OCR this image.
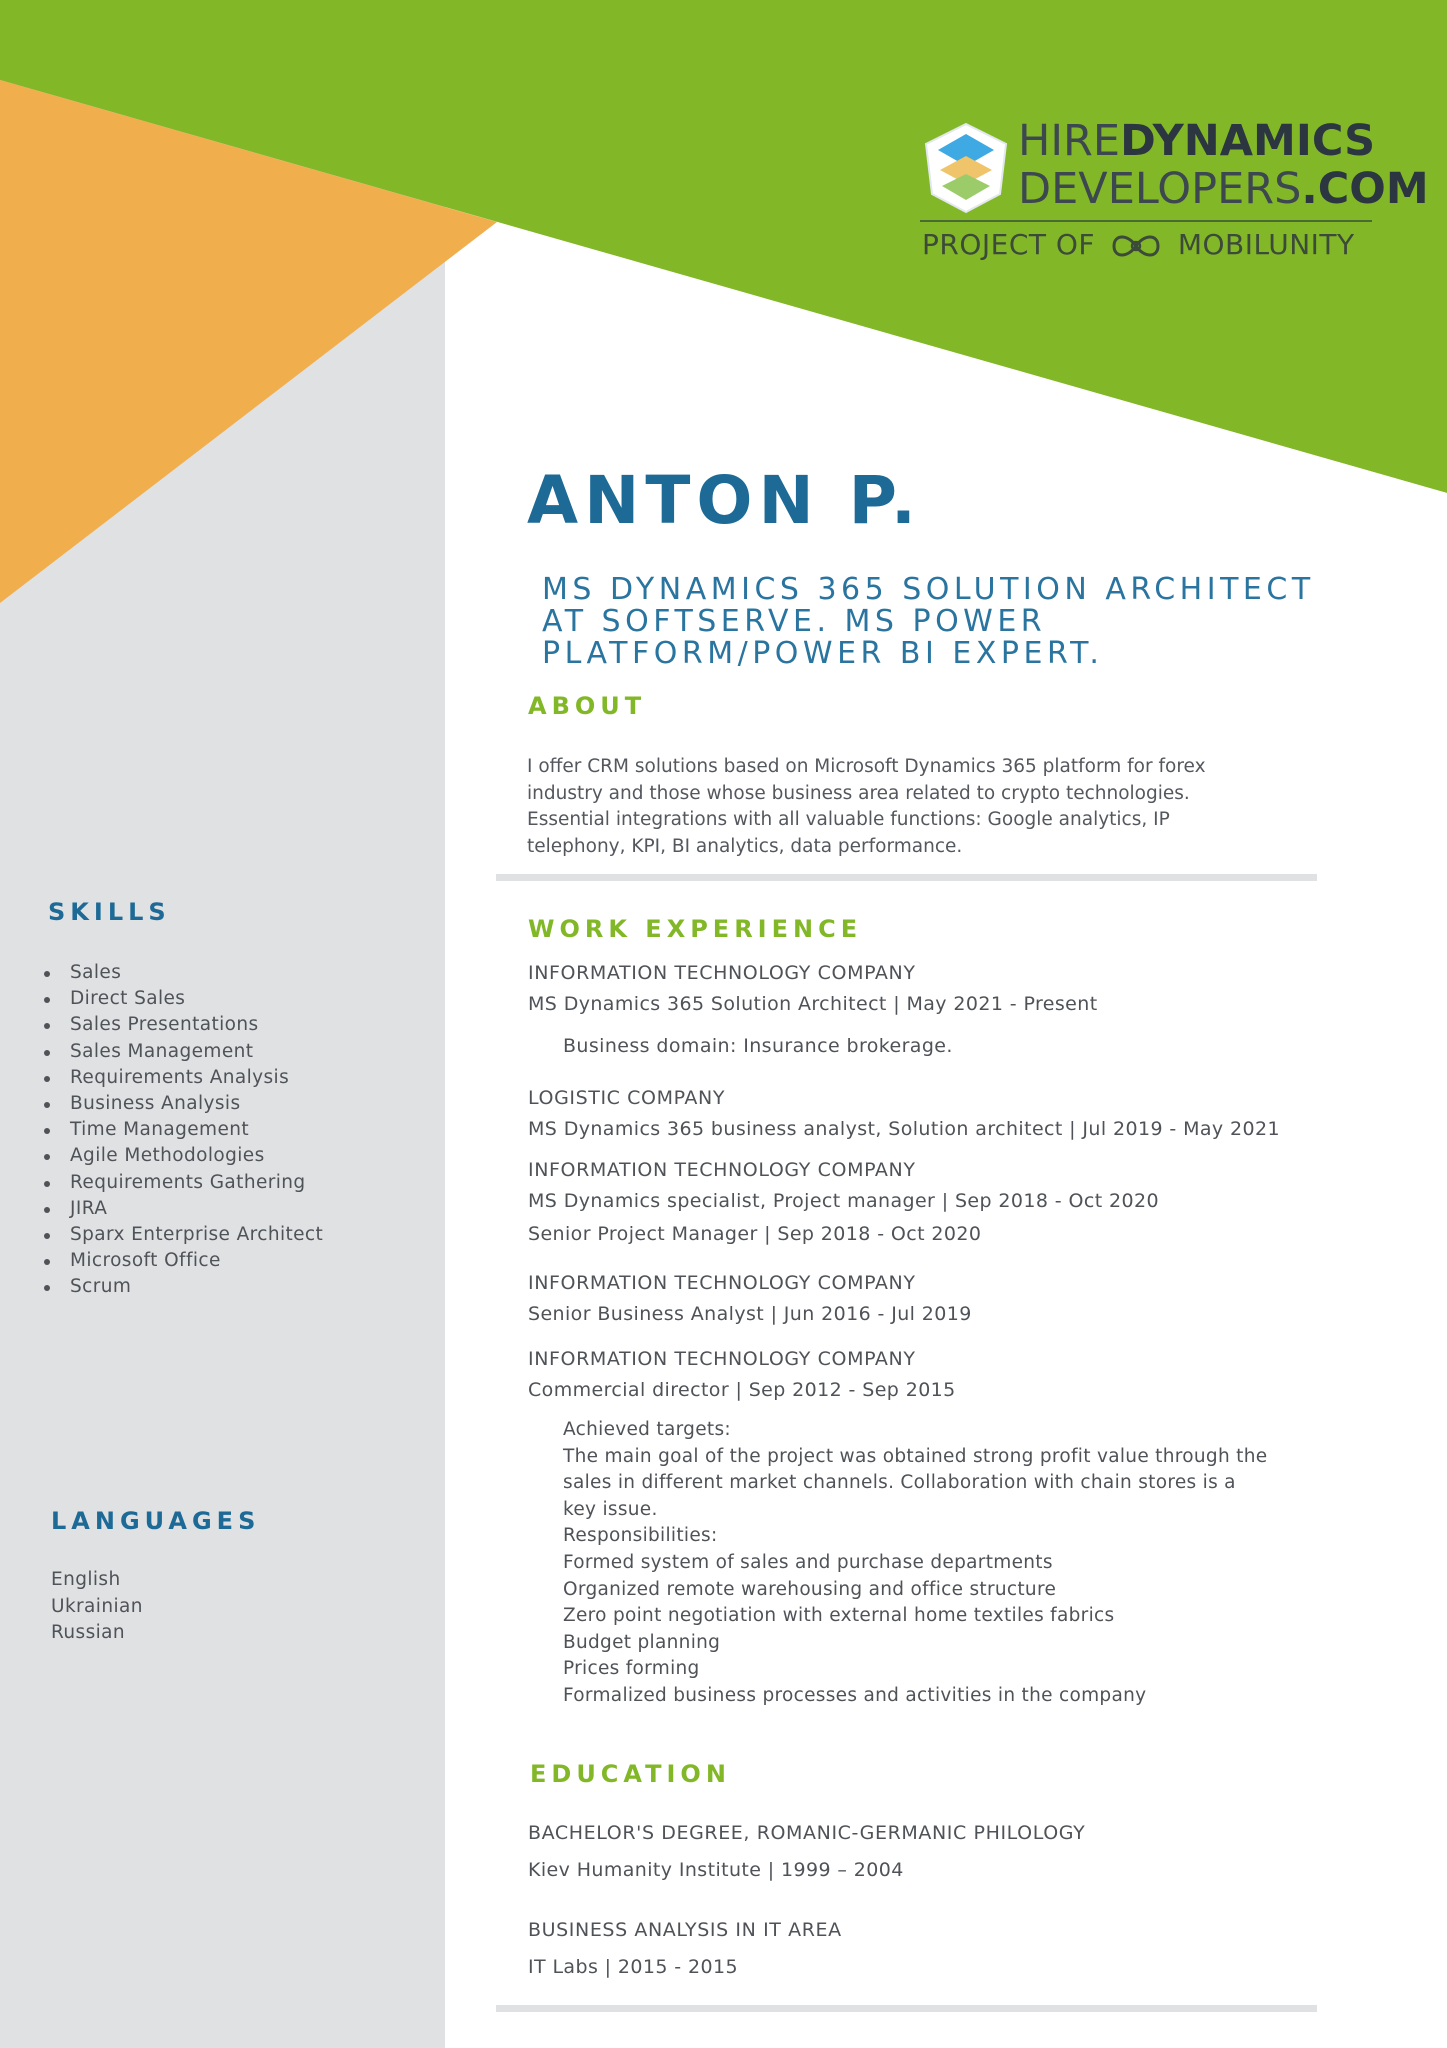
HIREDYNAMICS
DEVELOPERS.COM
PROJECT OF	MOBILUNITY
ANTON P.
MS DYNAMICS 365 SOLUTION ARCHITECT
AT SOFTSERVE. MS POWER
PLATFORM/POWER BI EXPERT.
ABOUT
I offer CRM solutions based on Microsoft Dynamics 365 platform for forex
industry and those whose business area related to crypto technologies.
Essential integrations with all valuable functions: Google analytics, IP
telephony, KPI, BI analytics, data performance.
WORK EXPERIENCE
INFORMATION TECHNOLOGY COMPANY
MS Dynamics 365 Solution Architect | May 2021 - Present
Business domain: Insurance brokerage.
LOGISTIC COMPANY
MS Dynamics 365 business analyst, Solution architect | Jul 2019 - May 2021
INFORMATION TECHNOLOGY COMPANY
MS Dynamics specialist, Project manager | Sep 2018 - Oct 2020
Senior Project Manager | Sep 2018 - Oct 2020
INFORMATION TECHNOLOGY COMPANY
Senior Business Analyst | Jun 2016 - Jul 2019
INFORMATION TECHNOLOGY COMPANY
Commercial director | Sep 2012 - Sep 2015
Achieved targets:
The main goal of the project was obtained strong profit value through the
sales in different market channels. Collaboration with chain stores is a
key issue.
Responsibilities:
Formed system of sales and purchase departments
Organized remote warehousing and office structure
Zero point negotiation with external home textiles fabrics
Budget planning
Prices forming
Formalized business processes and activities in the company
EDUCATION
BACHELOR'S DEGREE, ROMANIC-GERMANIC PHILOLOGY
Kiev Humanity Institute | 1999 – 2004
BUSINESS ANALYSIS IN IT AREA
IT Labs | 2015 - 2015
SKILLS
Sales
Direct Sales
Sales Presentations
Sales Management
Requirements Analysis
Business Analysis
Time Management
Agile Methodologies
Requirements Gathering
JIRA
Sparx Enterprise Architect
Microsoft Office
Scrum
LANGUAGES
English
Ukrainian
Russian
